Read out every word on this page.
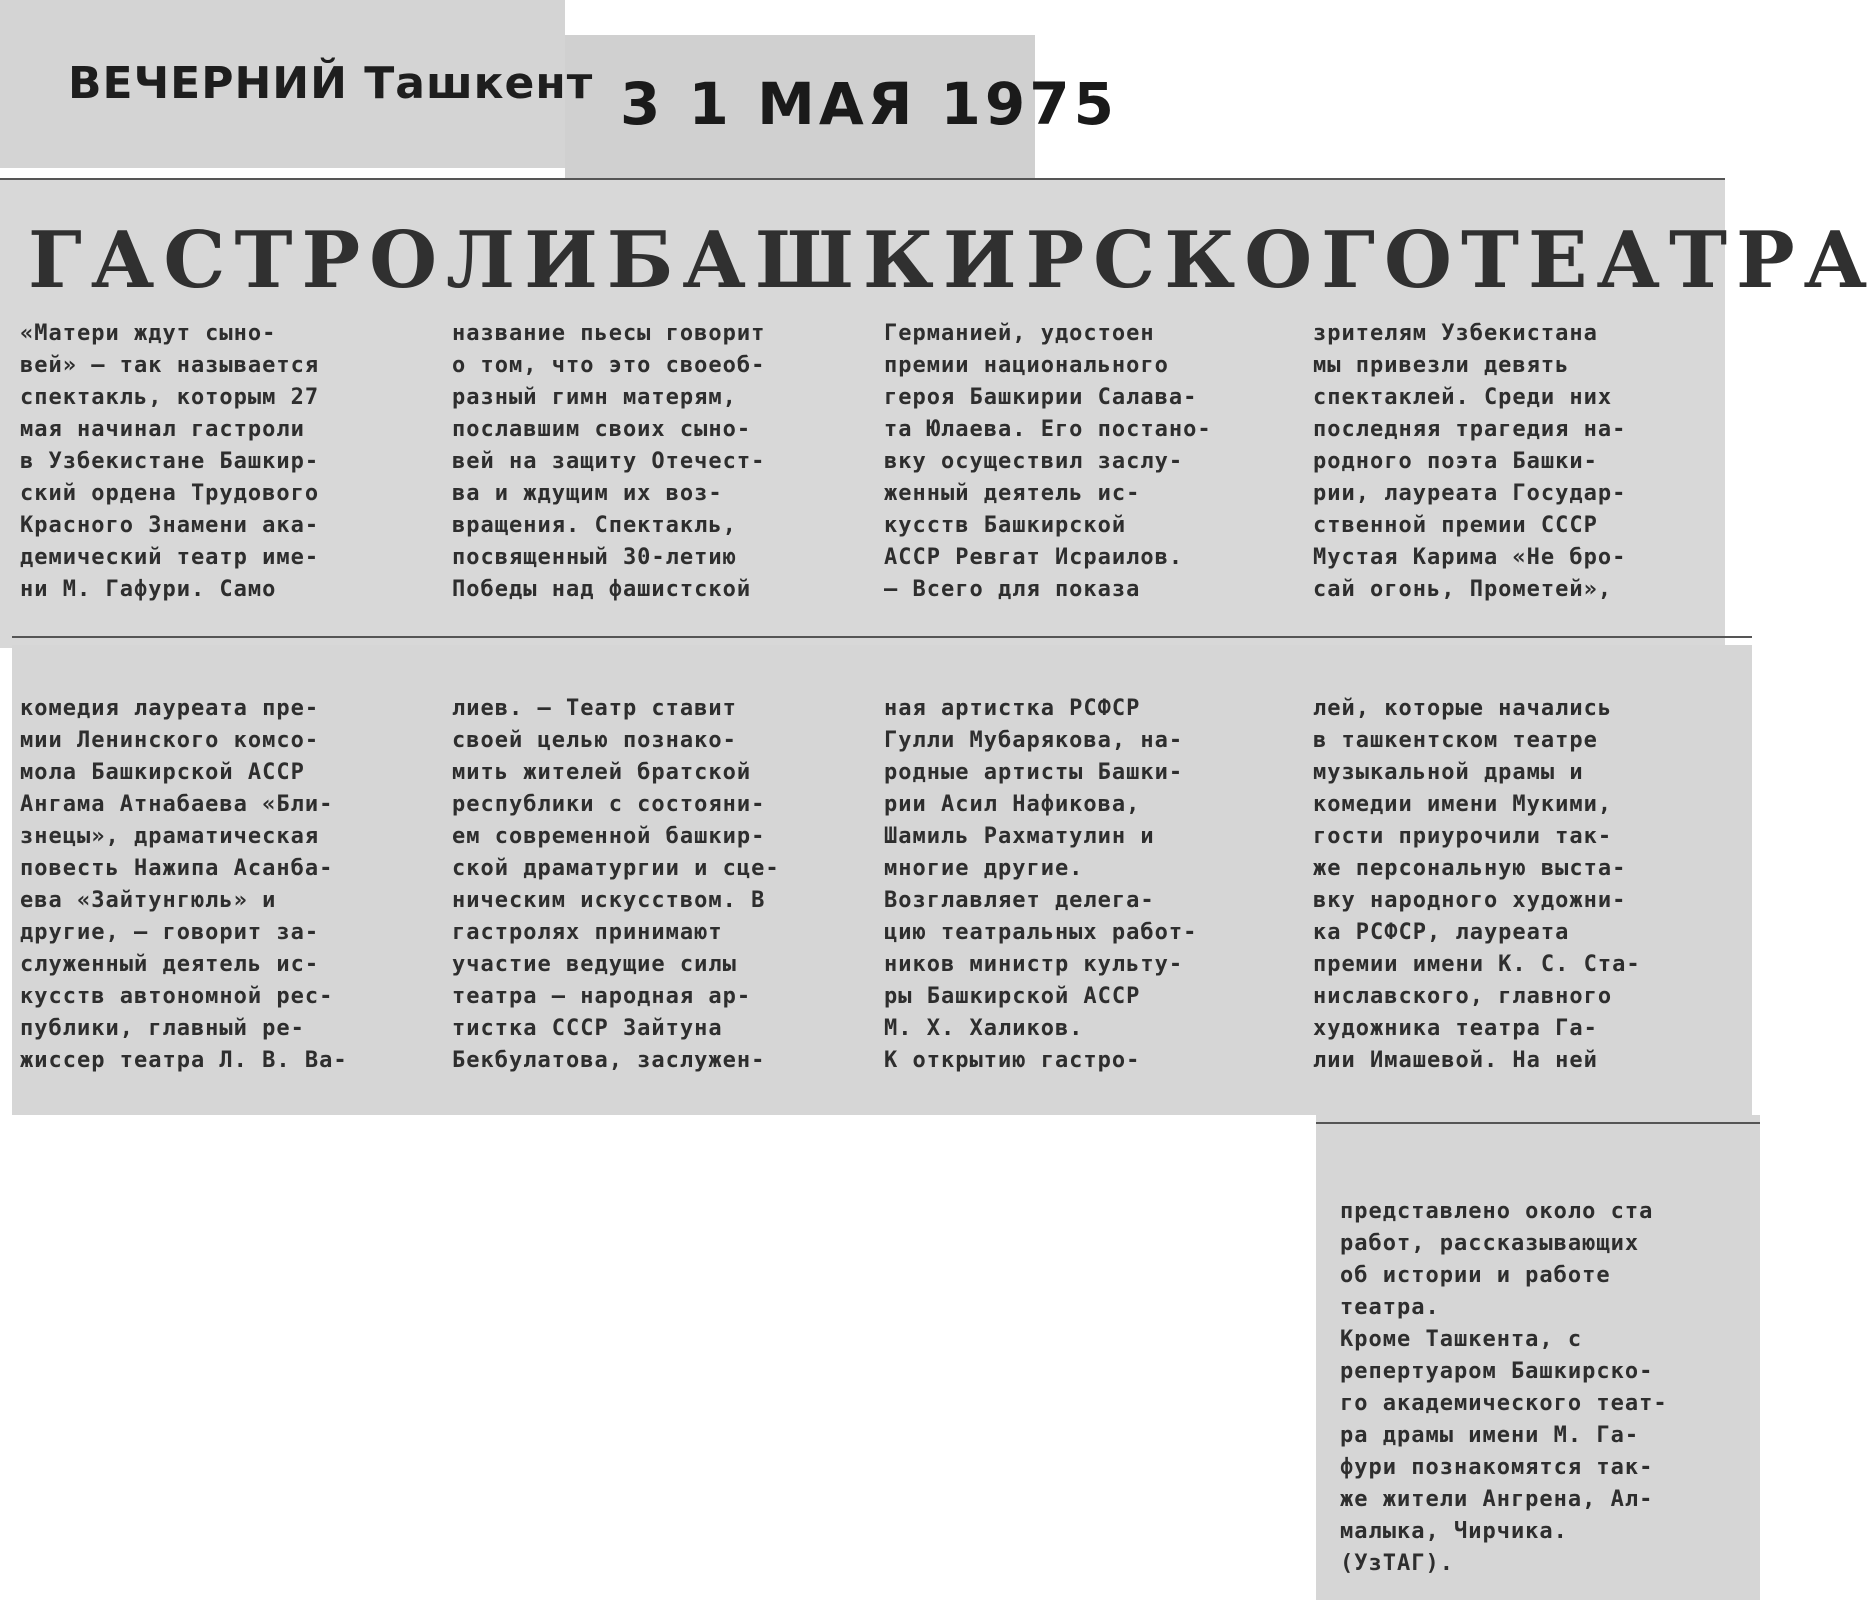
ВЕЧЕРНИЙ Ташкент 3 1 МАЯ 1975
ГАСТРОЛИ БАШКИРСКОГО ТЕАТРА
«Матери ждут сыно-
вей» — так называется
спектакль, которым 27
мая начинал гастроли
в Узбекистане Башкир-
ский ордена Трудового
Красного Знамени ака-
демический театр име-
ни М. Гафури. Само
название пьесы говорит
о том, что это своеоб-
разный гимн матерям,
пославшим своих сыно-
вей на защиту Отечест-
ва и ждущим их воз-
вращения. Спектакль,
посвященный 30-летию
Победы над фашистской
Германией, удостоен
премии национального
героя Башкирии Салава-
та Юлаева. Его постано-
вку осуществил заслу-
женный деятель ис-
кусств Башкирской
АССР Ревгат Исраилов.
— Всего для показа
зрителям Узбекистана
мы привезли девять
спектаклей. Среди них
последняя трагедия на-
родного поэта Башки-
рии, лауреата Государ-
ственной премии СССР
Мустая Карима «Не бро-
сай огонь, Прометей»,
комедия лауреата пре-
мии Ленинского комсо-
мола Башкирской АССР
Ангама Атнабаева «Бли-
знецы», драматическая
повесть Нажипа Асанба-
ева «Зайтунгюль» и
другие, — говорит за-
служенный деятель ис-
кусств автономной рес-
публики, главный ре-
жиссер театра Л. В. Ва-
лиев. — Театр ставит
своей целью познако-
мить жителей братской
республики с состояни-
ем современной башкир-
ской драматургии и сце-
ническим искусством. В
гастролях принимают
участие ведущие силы
театра — народная ар-
тистка СССР Зайтуна
Бекбулатова, заслужен-
ная артистка РСФСР
Гулли Мубарякова, на-
родные артисты Башки-
рии Асил Нафикова,
Шамиль Рахматулин и
многие другие.
Возглавляет делега-
цию театральных работ-
ников министр культу-
ры Башкирской АССР
М. Х. Халиков.
К открытию гастро-
лей, которые начались
в ташкентском театре
музыкальной драмы и
комедии имени Мукими,
гости приурочили так-
же персональную выста-
вку народного художни-
ка РСФСР, лауреата
премии имени К. С. Ста-
ниславского, главного
художника театра Га-
лии Имашевой. На ней
представлено около ста
работ, рассказывающих
об истории и работе
театра.
Кроме Ташкента, с
репертуаром Башкирско-
го академического теат-
ра драмы имени М. Га-
фури познакомятся так-
же жители Ангрена, Ал-
малыка, Чирчика.
(УзТАГ).
